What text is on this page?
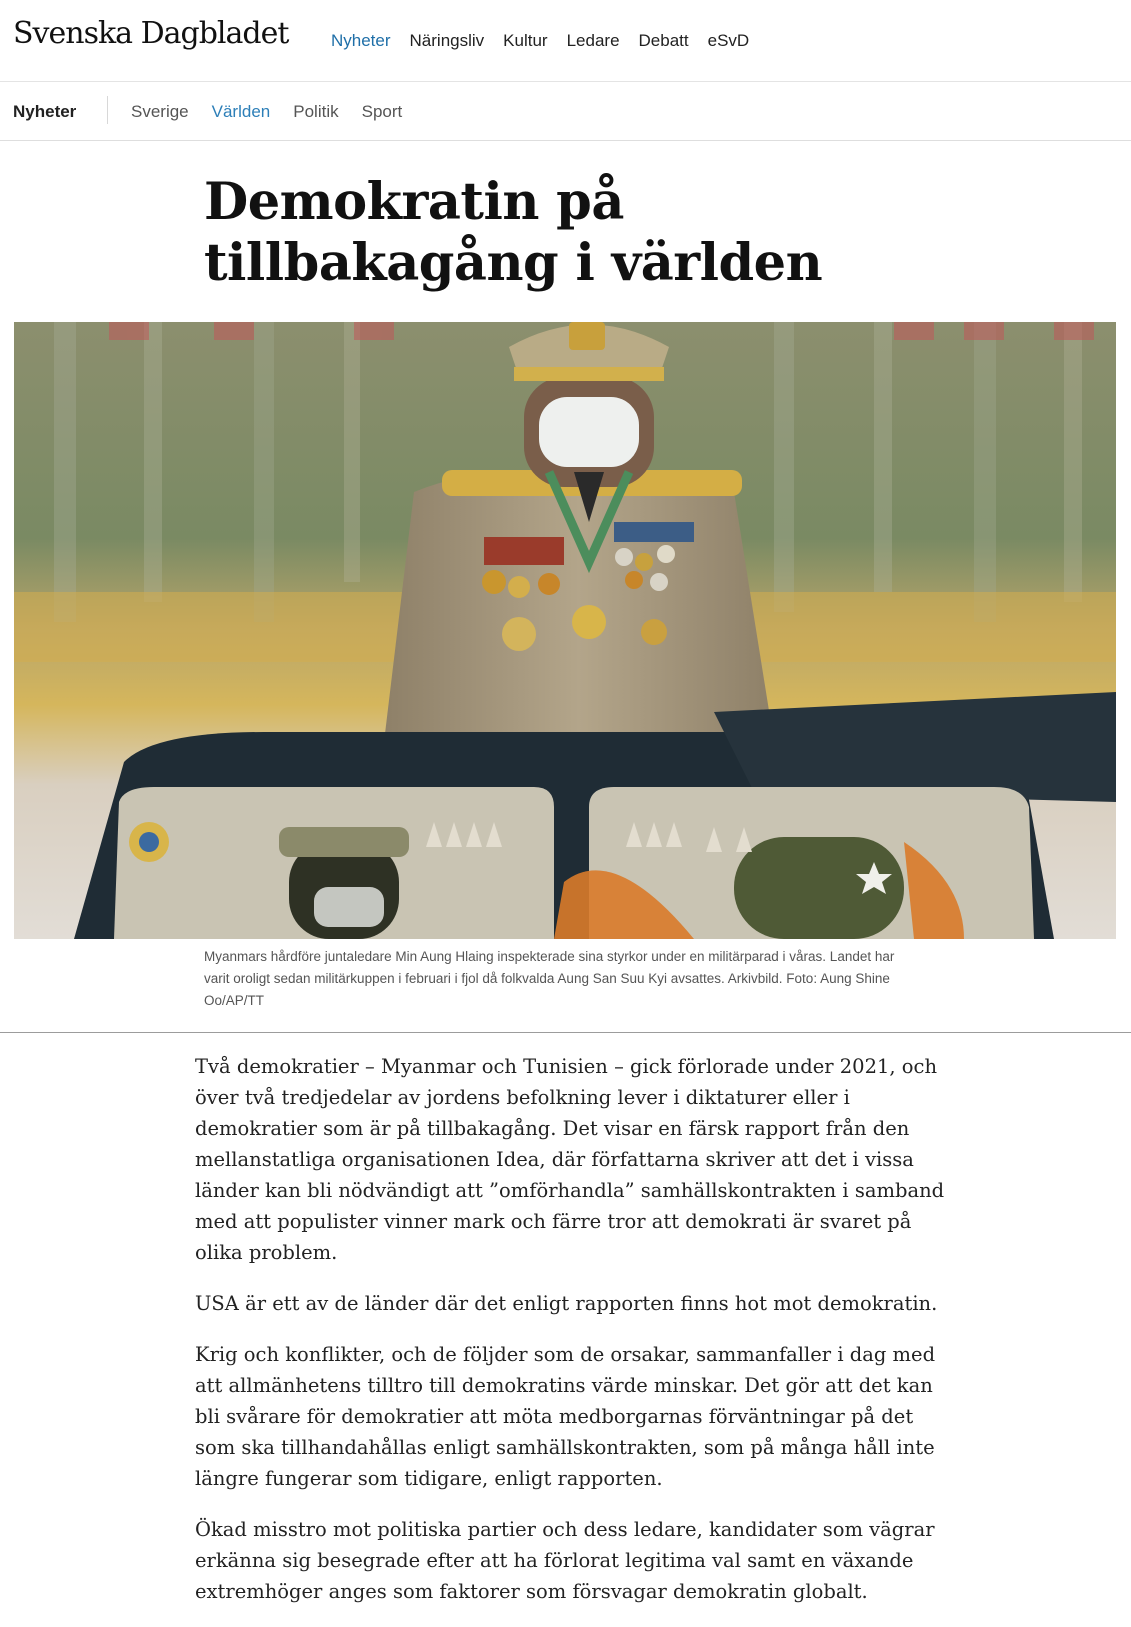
Svenska Dagbladet	Nyheter Näringsliv Kultur Ledare Debatt eSvD
Nyheter	Sverige Världen Politik Sport
Demokratin på tillbakagång i världen

Myanmars hårdföre juntaledare Min Aung Hlaing inspekterade sina styrkor under en militärparad i våras. Landet har varit oroligt sedan militärkuppen i februari i fjol då folkvalda Aung San Suu Kyi avsattes. Arkivbild. Foto: Aung Shine Oo/AP/TT

Två demokratier – Myanmar och Tunisien – gick förlorade under 2021, och över två tredjedelar av jordens befolkning lever i diktaturer eller i demokratier som är på tillbakagång. Det visar en färsk rapport från den mellanstatliga organisationen Idea, där författarna skriver att det i vissa länder kan bli nödvändigt att ”omförhandla” samhällskontrakten i samband med att populister vinner mark och färre tror att demokrati är svaret på olika problem.

USA är ett av de länder där det enligt rapporten finns hot mot demokratin.

Krig och konflikter, och de följder som de orsakar, sammanfaller i dag med att allmänhetens tilltro till demokratins värde minskar. Det gör att det kan bli svårare för demokratier att möta medborgarnas förväntningar på det som ska tillhandahållas enligt samhällskontrakten, som på många håll inte längre fungerar som tidigare, enligt rapporten.

Ökad misstro mot politiska partier och dess ledare, kandidater som vägrar erkänna sig besegrade efter att ha förlorat legitima val samt en växande extremhöger anges som faktorer som försvagar demokratin globalt.
